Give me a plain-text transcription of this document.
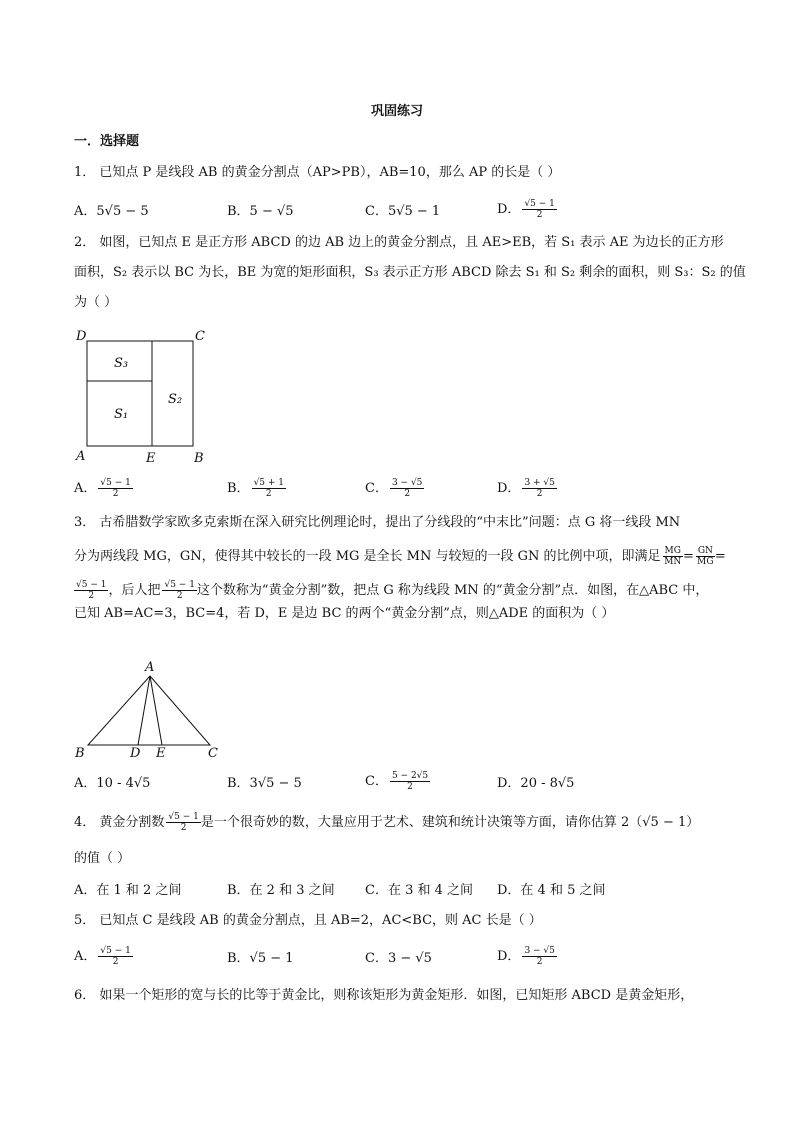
巩固练习
一．选择题
1． 已知点 P 是线段 AB 的黄金分割点（AP>PB），AB=10，那么 AP 的长是（ ）
A．5√5 − 5	B．5 − √5	C．5√5 − 1	D． $\frac{√5 - 1}{2}$
2． 如图，已知点 E 是正方形 ABCD 的边 AB 边上的黄金分割点，且 AE>EB，若 S₁ 表示 AE 为边长的正方形
面积，S₂ 表示以 BC 为长，BE 为宽的矩形面积，S₃ 表示正方形 ABCD 除去 S₁ 和 S₂ 剩余的面积，则 S₃：S₂ 的值
为（ ）
D	C
A	E	B
S₃
S₁
S₂
A． $\frac{√5 - 1}{2}$	B． $\frac{√5 + 1}{2}$	C． $\frac{3 - √5}{2}$	D． $\frac{3 + √5}{2}$
3． 古希腊数学家欧多克索斯在深入研究比例理论时，提出了分线段的“中末比”问题：点 G 将一线段 MN
分为两线段 MG，GN，使得其中较长的一段 MG 是全长 MN 与较短的一段 GN 的比例中项，即满足 $\frac{MG}{MN} = \frac{GN}{MG}$ =
$\frac{√5 - 1}{2}$ ，后人把 $\frac{√5 - 1}{2}$ 这个数称为“黄金分割”数，把点 G 称为线段 MN 的“黄金分割”点．如图，在△ABC 中，
已知 AB=AC=3，BC=4，若 D，E 是边 BC 的两个“黄金分割”点，则△ADE 的面积为（ ）
A
B	D E	C
A．10 - 4√5	B．3√5 − 5	C． $\frac{5 - 2√5}{2}$	D．20 - 8√5
4． 黄金分割数 $\frac{√5 - 1}{2}$ 是一个很奇妙的数，大量应用于艺术、建筑和统计决策等方面，请你估算 2（√5 − 1）
的值（ ）
A．在 1 和 2 之间	B．在 2 和 3 之间 C．在 3 和 4 之间 D．在 4 和 5 之间
5． 已知点 C 是线段 AB 的黄金分割点，且 AB=2，AC<BC，则 AC 长是（ ）
A． $\frac{√5 - 1}{2}$	B．√5 − 1	C．3 − √5	D． $\frac{3 - √5}{2}$
6． 如果一个矩形的宽与长的比等于黄金比，则称该矩形为黄金矩形．如图，已知矩形 ABCD 是黄金矩形，
